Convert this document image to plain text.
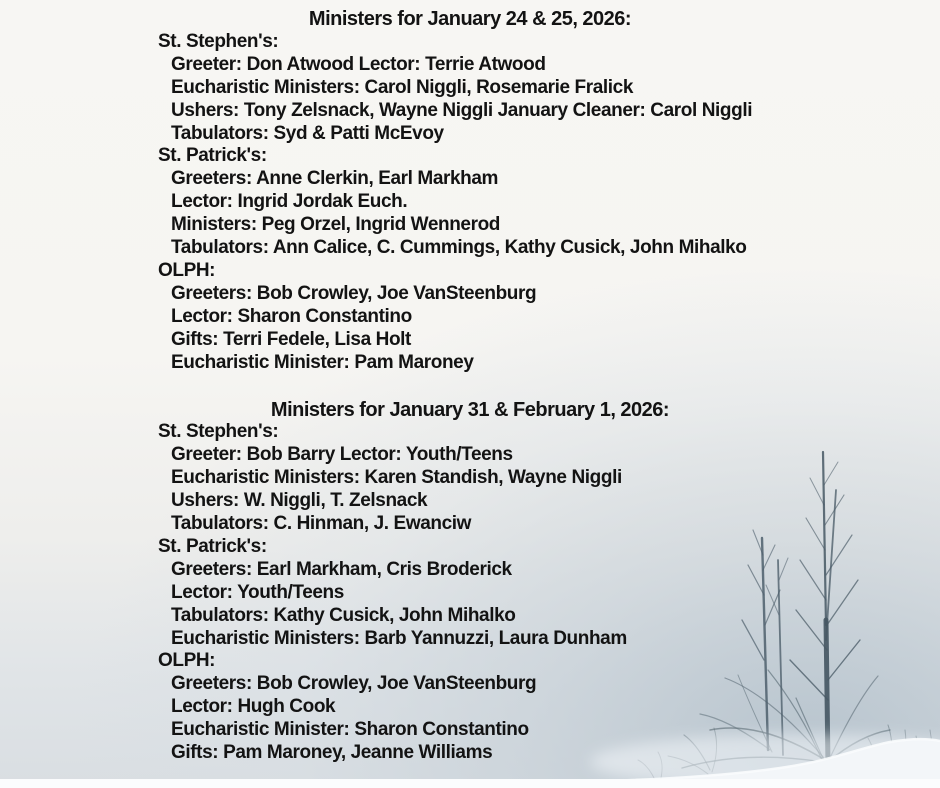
Ministers for January 24 & 25, 2026:
St. Stephen's:
Greeter: Don Atwood Lector: Terrie Atwood
Eucharistic Ministers: Carol Niggli, Rosemarie Fralick
Ushers: Tony Zelsnack, Wayne Niggli January Cleaner: Carol Niggli
Tabulators: Syd & Patti McEvoy
St. Patrick's:
Greeters: Anne Clerkin, Earl Markham
Lector: Ingrid Jordak Euch.
Ministers: Peg Orzel, Ingrid Wennerod
Tabulators: Ann Calice, C. Cummings, Kathy Cusick, John Mihalko
OLPH:
Greeters: Bob Crowley, Joe VanSteenburg
Lector: Sharon Constantino
Gifts: Terri Fedele, Lisa Holt
Eucharistic Minister: Pam Maroney
Ministers for January 31 & February 1, 2026:
St. Stephen's:
Greeter: Bob Barry Lector: Youth/Teens
Eucharistic Ministers: Karen Standish, Wayne Niggli
Ushers: W. Niggli, T. Zelsnack
Tabulators: C. Hinman, J. Ewanciw
St. Patrick's:
Greeters: Earl Markham, Cris Broderick
Lector: Youth/Teens
Tabulators: Kathy Cusick, John Mihalko
Eucharistic Ministers: Barb Yannuzzi, Laura Dunham
OLPH:
Greeters: Bob Crowley, Joe VanSteenburg
Lector: Hugh Cook
Eucharistic Minister: Sharon Constantino
Gifts: Pam Maroney, Jeanne Williams
